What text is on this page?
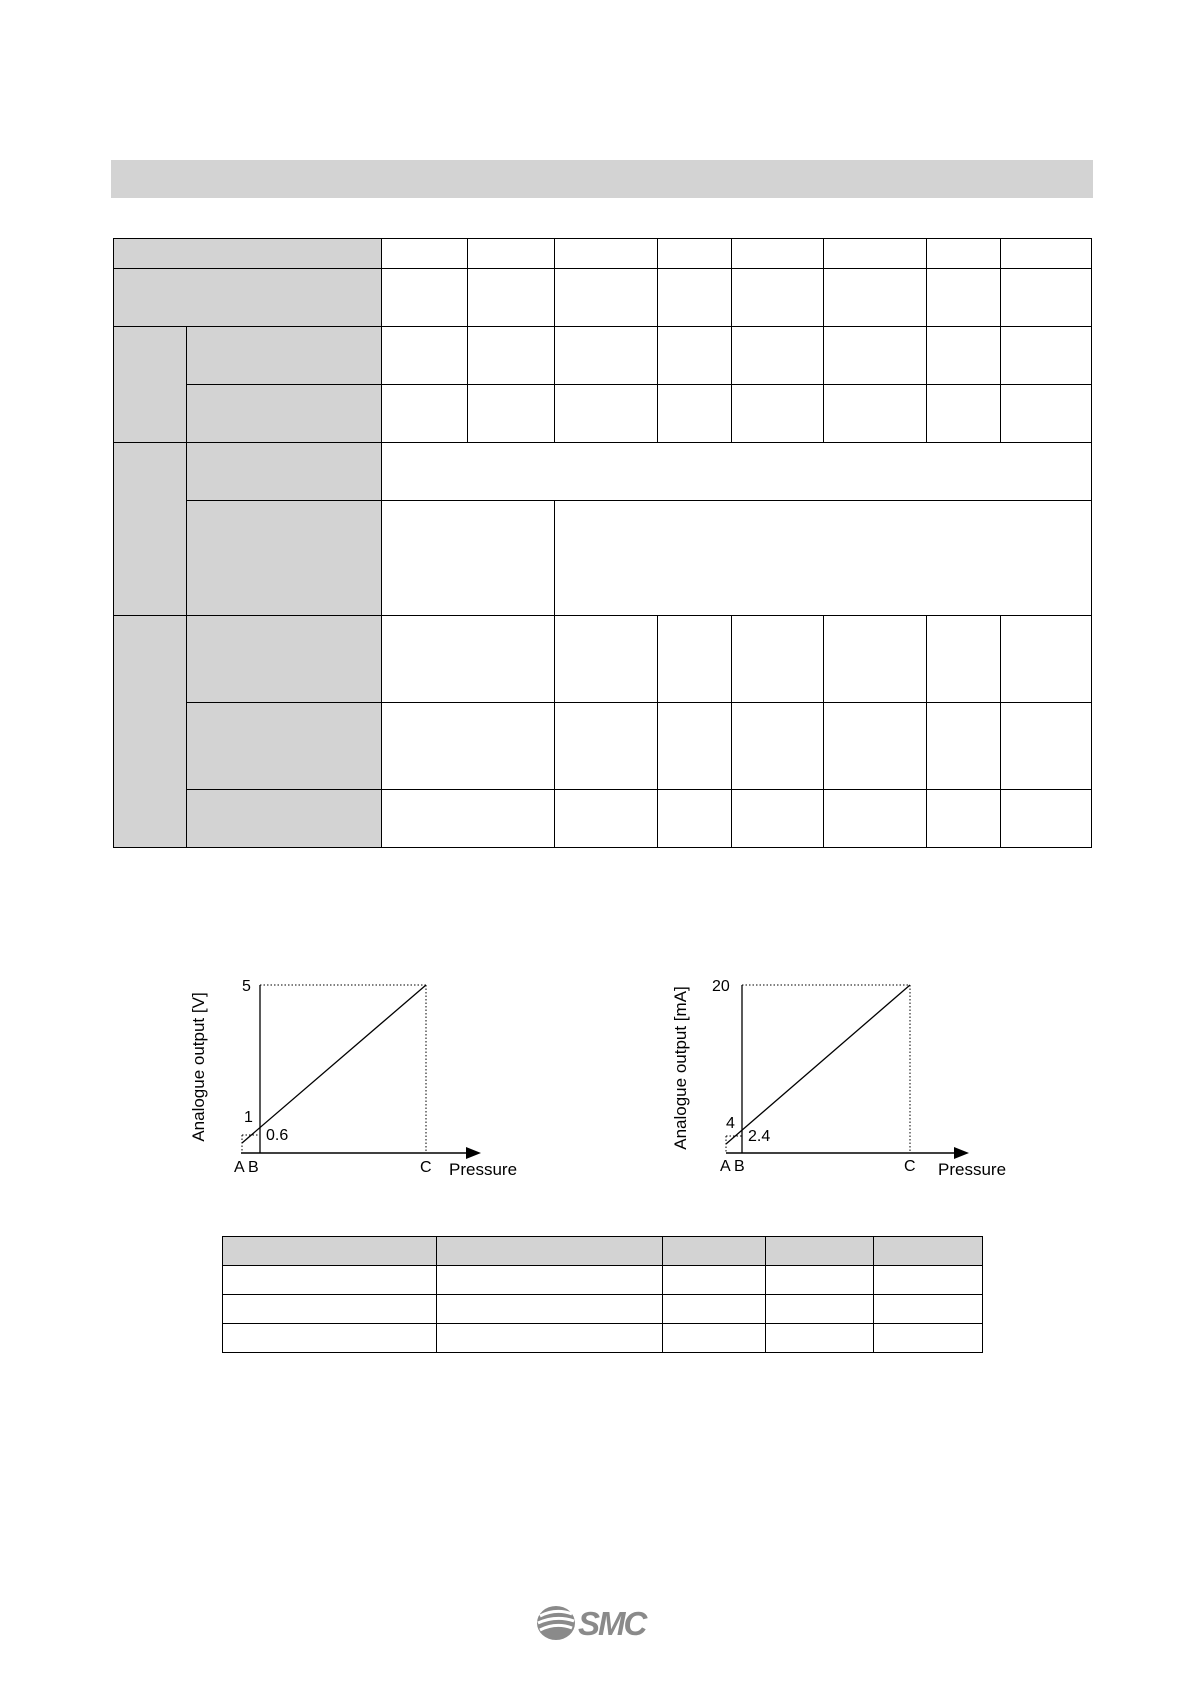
Analogue output [V]
5
1
0.6
A B	C Pressure
Analogue output [mA] 20
4
2.4
A B	C Pressure

SMC
